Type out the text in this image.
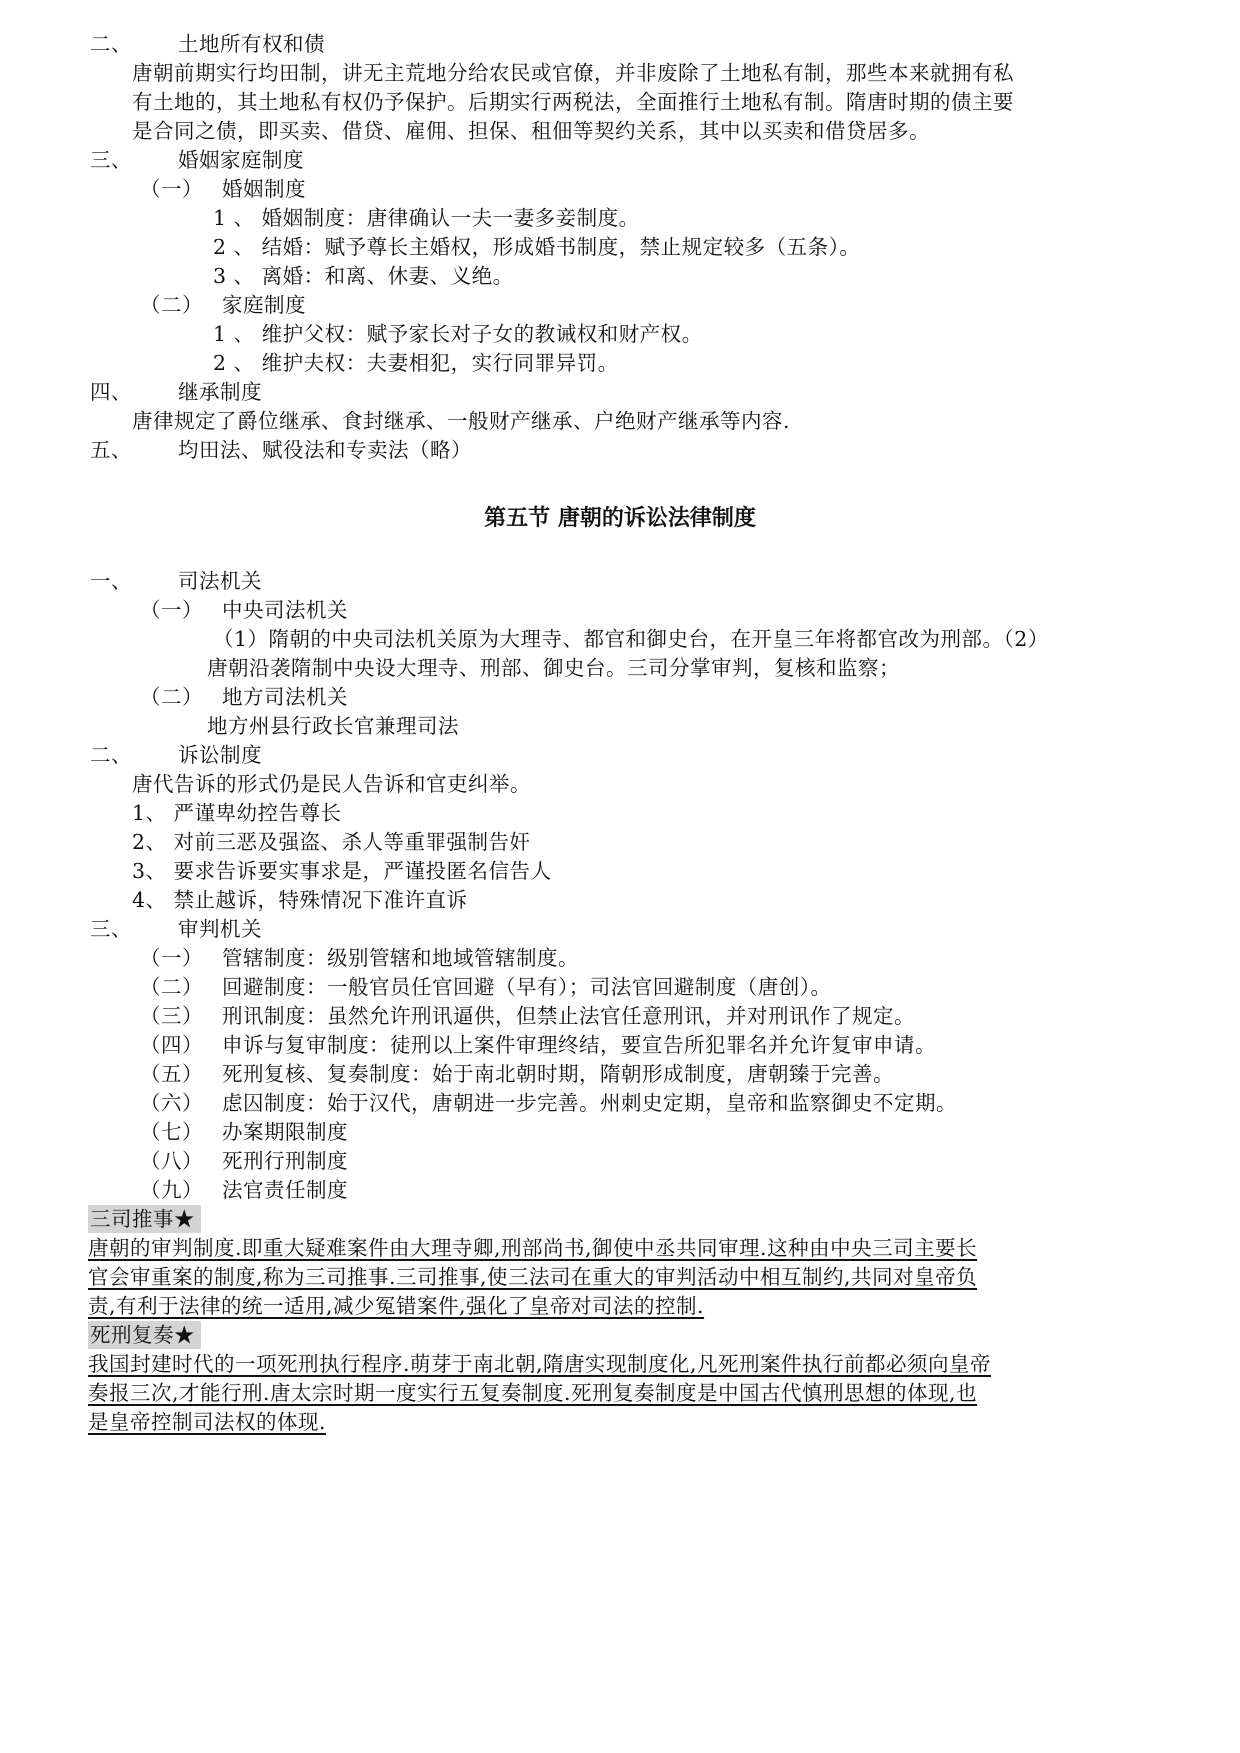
二、 土地所有权和债
唐朝前期实行均田制，讲无主荒地分给农民或官僚，并非废除了土地私有制，那些本来就拥有私
有土地的，其土地私有权仍予保护。后期实行两税法，全面推行土地私有制。隋唐时期的债主要
是合同之债，即买卖、借贷、雇佣、担保、租佃等契约关系，其中以买卖和借贷居多。
三、 婚姻家庭制度
（一） 婚姻制度
1 、 婚姻制度：唐律确认一夫一妻多妾制度。
2 、 结婚：赋予尊长主婚权，形成婚书制度，禁止规定较多（五条）。
3 、 离婚：和离、休妻、义绝。
（二） 家庭制度
1 、 维护父权：赋予家长对子女的教诫权和财产权。
2 、 维护夫权：夫妻相犯，实行同罪异罚。
四、 继承制度
唐律规定了爵位继承、食封继承、一般财产继承、户绝财产继承等内容.
五、 均田法、赋役法和专卖法（略）
第五节 唐朝的诉讼法律制度
一、 司法机关
（一） 中央司法机关
（1）隋朝的中央司法机关原为大理寺、都官和御史台，在开皇三年将都官改为刑部。（2）
唐朝沿袭隋制中央设大理寺、刑部、御史台。三司分掌审判，复核和监察；
（二） 地方司法机关
地方州县行政长官兼理司法
二、 诉讼制度
唐代告诉的形式仍是民人告诉和官吏纠举。
1、 严谨卑幼控告尊长
2、 对前三恶及强盗、杀人等重罪强制告奸
3、 要求告诉要实事求是，严谨投匿名信告人
4、 禁止越诉，特殊情况下准许直诉
三、 审判机关
（一） 管辖制度：级别管辖和地域管辖制度。
（二） 回避制度：一般官员任官回避（早有）；司法官回避制度（唐创）。
（三） 刑讯制度：虽然允许刑讯逼供，但禁止法官任意刑讯，并对刑讯作了规定。
（四） 申诉与复审制度：徒刑以上案件审理终结，要宣告所犯罪名并允许复审申请。
（五） 死刑复核、复奏制度：始于南北朝时期，隋朝形成制度，唐朝臻于完善。
（六） 虑囚制度：始于汉代，唐朝进一步完善。州刺史定期，皇帝和监察御史不定期。
（七） 办案期限制度
（八） 死刑行刑制度
（九） 法官责任制度
三司推事★
唐朝的审判制度.即重大疑难案件由大理寺卿,刑部尚书,御使中丞共同审理.这种由中央三司主要长
官会审重案的制度,称为三司推事.三司推事,使三法司在重大的审判活动中相互制约,共同对皇帝负
责,有利于法律的统一适用,减少冤错案件,强化了皇帝对司法的控制.
死刑复奏★
我国封建时代的一项死刑执行程序.萌芽于南北朝,隋唐实现制度化,凡死刑案件执行前都必须向皇帝
奏报三次,才能行刑.唐太宗时期一度实行五复奏制度.死刑复奏制度是中国古代慎刑思想的体现,也
是皇帝控制司法权的体现.
